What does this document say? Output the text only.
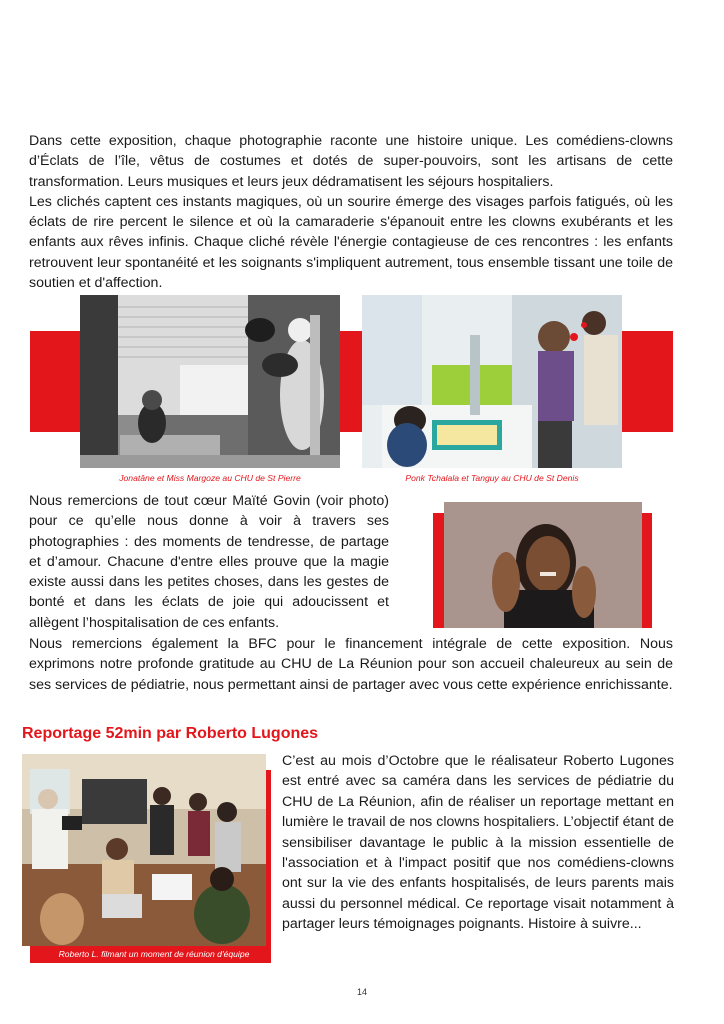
Dans cette exposition, chaque photographie raconte une histoire unique. Les comédiens-clowns d’Éclats de l’île, vêtus de costumes et dotés de super-pouvoirs, sont les artisans de cette transformation. Leurs musiques et leurs jeux dédramatisent les séjours hospitaliers.

Les clichés captent ces instants magiques, où un sourire émerge des visages parfois fatigués, où les éclats de rire percent le silence et où la camaraderie s'épanouit entre les clowns exubérants et les enfants aux rêves infinis. Chaque cliché révèle l'énergie contagieuse de ces rencontres : les enfants retrouvent leur spontanéité et les soignants s'impliquent autrement, tous ensemble tissant une toile de soutien et d'affection.

Jonatâne et Miss Margoze au CHU de St Pierre	Ponk Tchalala et Tanguy au CHU de St Denis

Nous remercions de tout cœur Maïté Govin (voir photo) pour ce qu’elle nous donne à voir à travers ses photographies : des moments de tendresse, de partage et d’amour. Chacune d'entre elles prouve que la magie existe aussi dans les petites choses, dans les gestes de bonté et dans les éclats de joie qui adoucissent et allègent l’hospitalisation de ces enfants.

Nous remercions également la BFC pour le financement intégrale de cette exposition. Nous exprimons notre profonde gratitude au CHU de La Réunion pour son accueil chaleureux au sein de ses services de pédiatrie, nous permettant ainsi de partager avec vous cette expérience enrichissante.

Reportage 52min par Roberto Lugones
Roberto L. filmant un moment de réunion d'équipe

C’est au mois d’Octobre que le réalisateur Roberto Lugones est entré avec sa caméra dans les services de pédiatrie du CHU de La Réunion, afin de réaliser un reportage mettant en lumière le travail de nos clowns hospitaliers. L’objectif étant de sensibiliser davantage le public à la mission essentielle de l'association et à l'impact positif que nos comédiens-clowns ont sur la vie des enfants hospitalisés, de leurs parents mais aussi du personnel médical. Ce reportage visait notamment à partager leurs témoignages poignants. Histoire à suivre...

14
